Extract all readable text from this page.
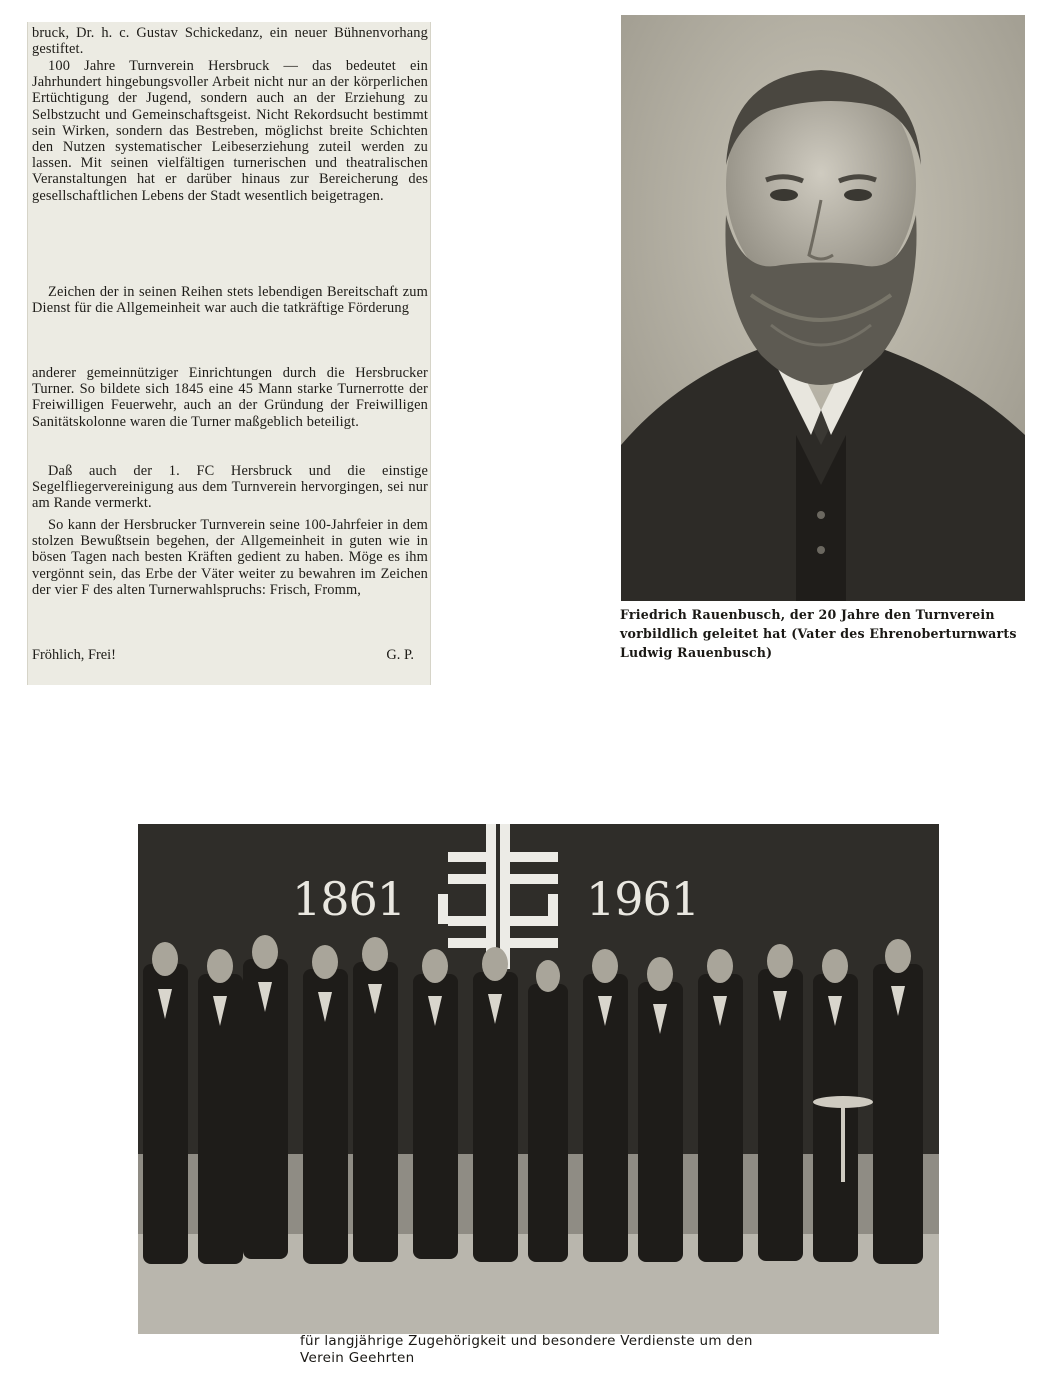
bruck, Dr. h. c. Gustav Schickedanz, ein neuer Bühnenvorhang gestiftet.

100 Jahre Turnverein Hersbruck — das bedeutet ein Jahrhundert hingebungsvoller Arbeit nicht nur an der körperlichen Ertüchtigung der Jugend, sondern auch an der Erziehung zu Selbstzucht und Gemeinschaftsgeist. Nicht Rekordsucht bestimmt sein Wirken, sondern das Bestreben, möglichst breite Schichten den Nutzen systematischer Leibeserziehung zuteil werden zu lassen. Mit seinen vielfältigen turnerischen und theatralischen Veranstaltungen hat er darüber hinaus zur Bereicherung des gesellschaftlichen Lebens der Stadt wesentlich beigetragen.

Zeichen der in seinen Reihen stets lebendigen Bereitschaft zum Dienst für die Allgemeinheit war auch die tatkräftige Förderung

anderer gemeinnütziger Einrichtungen durch die Hersbrucker Turner. So bildete sich 1845 eine 45 Mann starke Turnerrotte der Freiwilligen Feuerwehr, auch an der Gründung der Freiwilligen Sanitätskolonne waren die Turner maßgeblich beteiligt.

Daß auch der 1. FC Hersbruck und die einstige Segelfliegervereinigung aus dem Turnverein hervorgingen, sei nur am Rande vermerkt.

So kann der Hersbrucker Turnverein seine 100-Jahrfeier in dem stolzen Bewußtsein begehen, der Allgemeinheit in guten wie in bösen Tagen nach besten Kräften gedient zu haben. Möge es ihm vergönnt sein, das Erbe der Väter weiter zu bewahren im Zeichen der vier F des alten Turnerwahlspruchs: Frisch, Fromm,

Fröhlich, Frei!	G. P.
Friedrich Rauenbusch, der 20 Jahre den Turnverein vorbildlich geleitet hat (Vater des Ehrenoberturnwarts Ludwig Rauenbusch)
1861	1961
für langjährige Zugehörigkeit und besondere Verdienste um den Verein Geehrten
